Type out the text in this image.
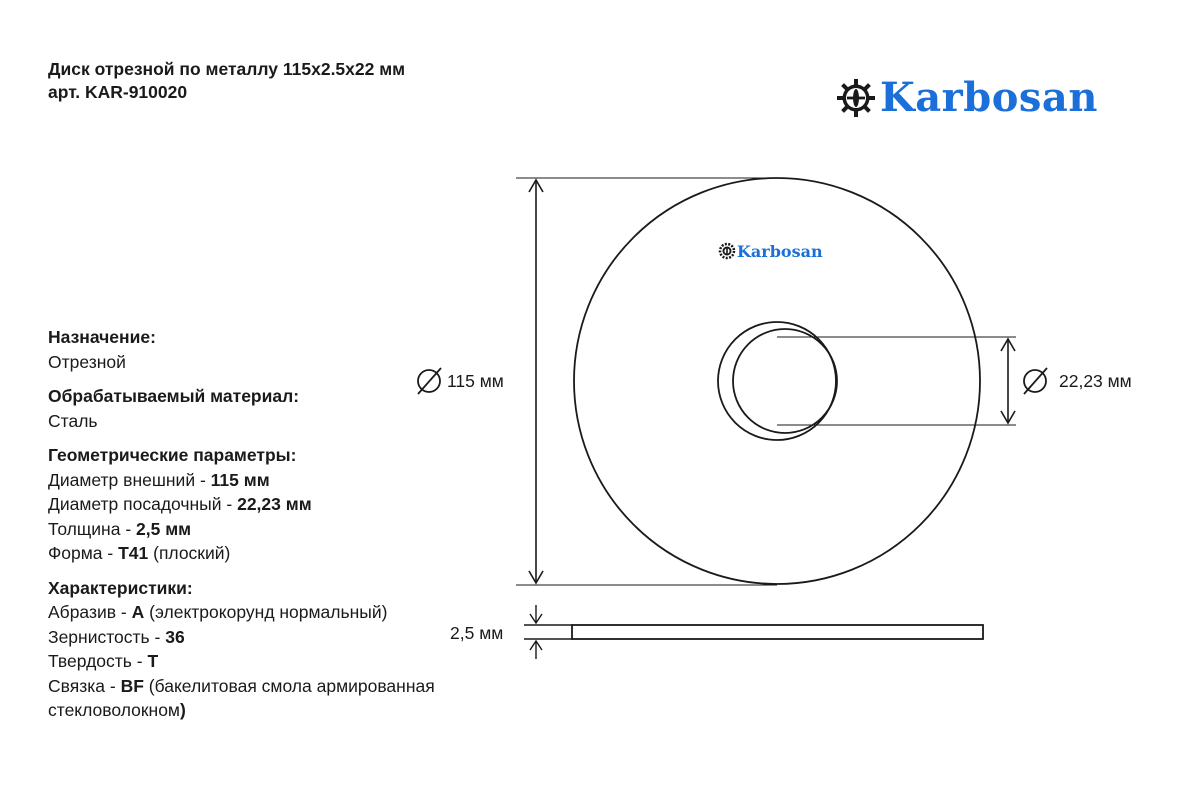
Диск отрезной по металлу 115x2.5x22 мм
арт. KAR-910020	Karbosan
Назначение:
Отрезной
Обрабатываемый материал:
Сталь
Геометрические параметры:
Диаметр внешний - 115 мм
Диаметр посадочный - 22,23 мм
Толщина - 2,5 мм
Форма - T41 (плоский)
Характеристики:
Абразив - A (электрокорунд нормальный)
Зернистость - 36
Твердость - T
Связка - BF (бакелитовая смола армированная
стекловолокном)
115 мм
Karbosan
22,23 мм
2,5 мм
